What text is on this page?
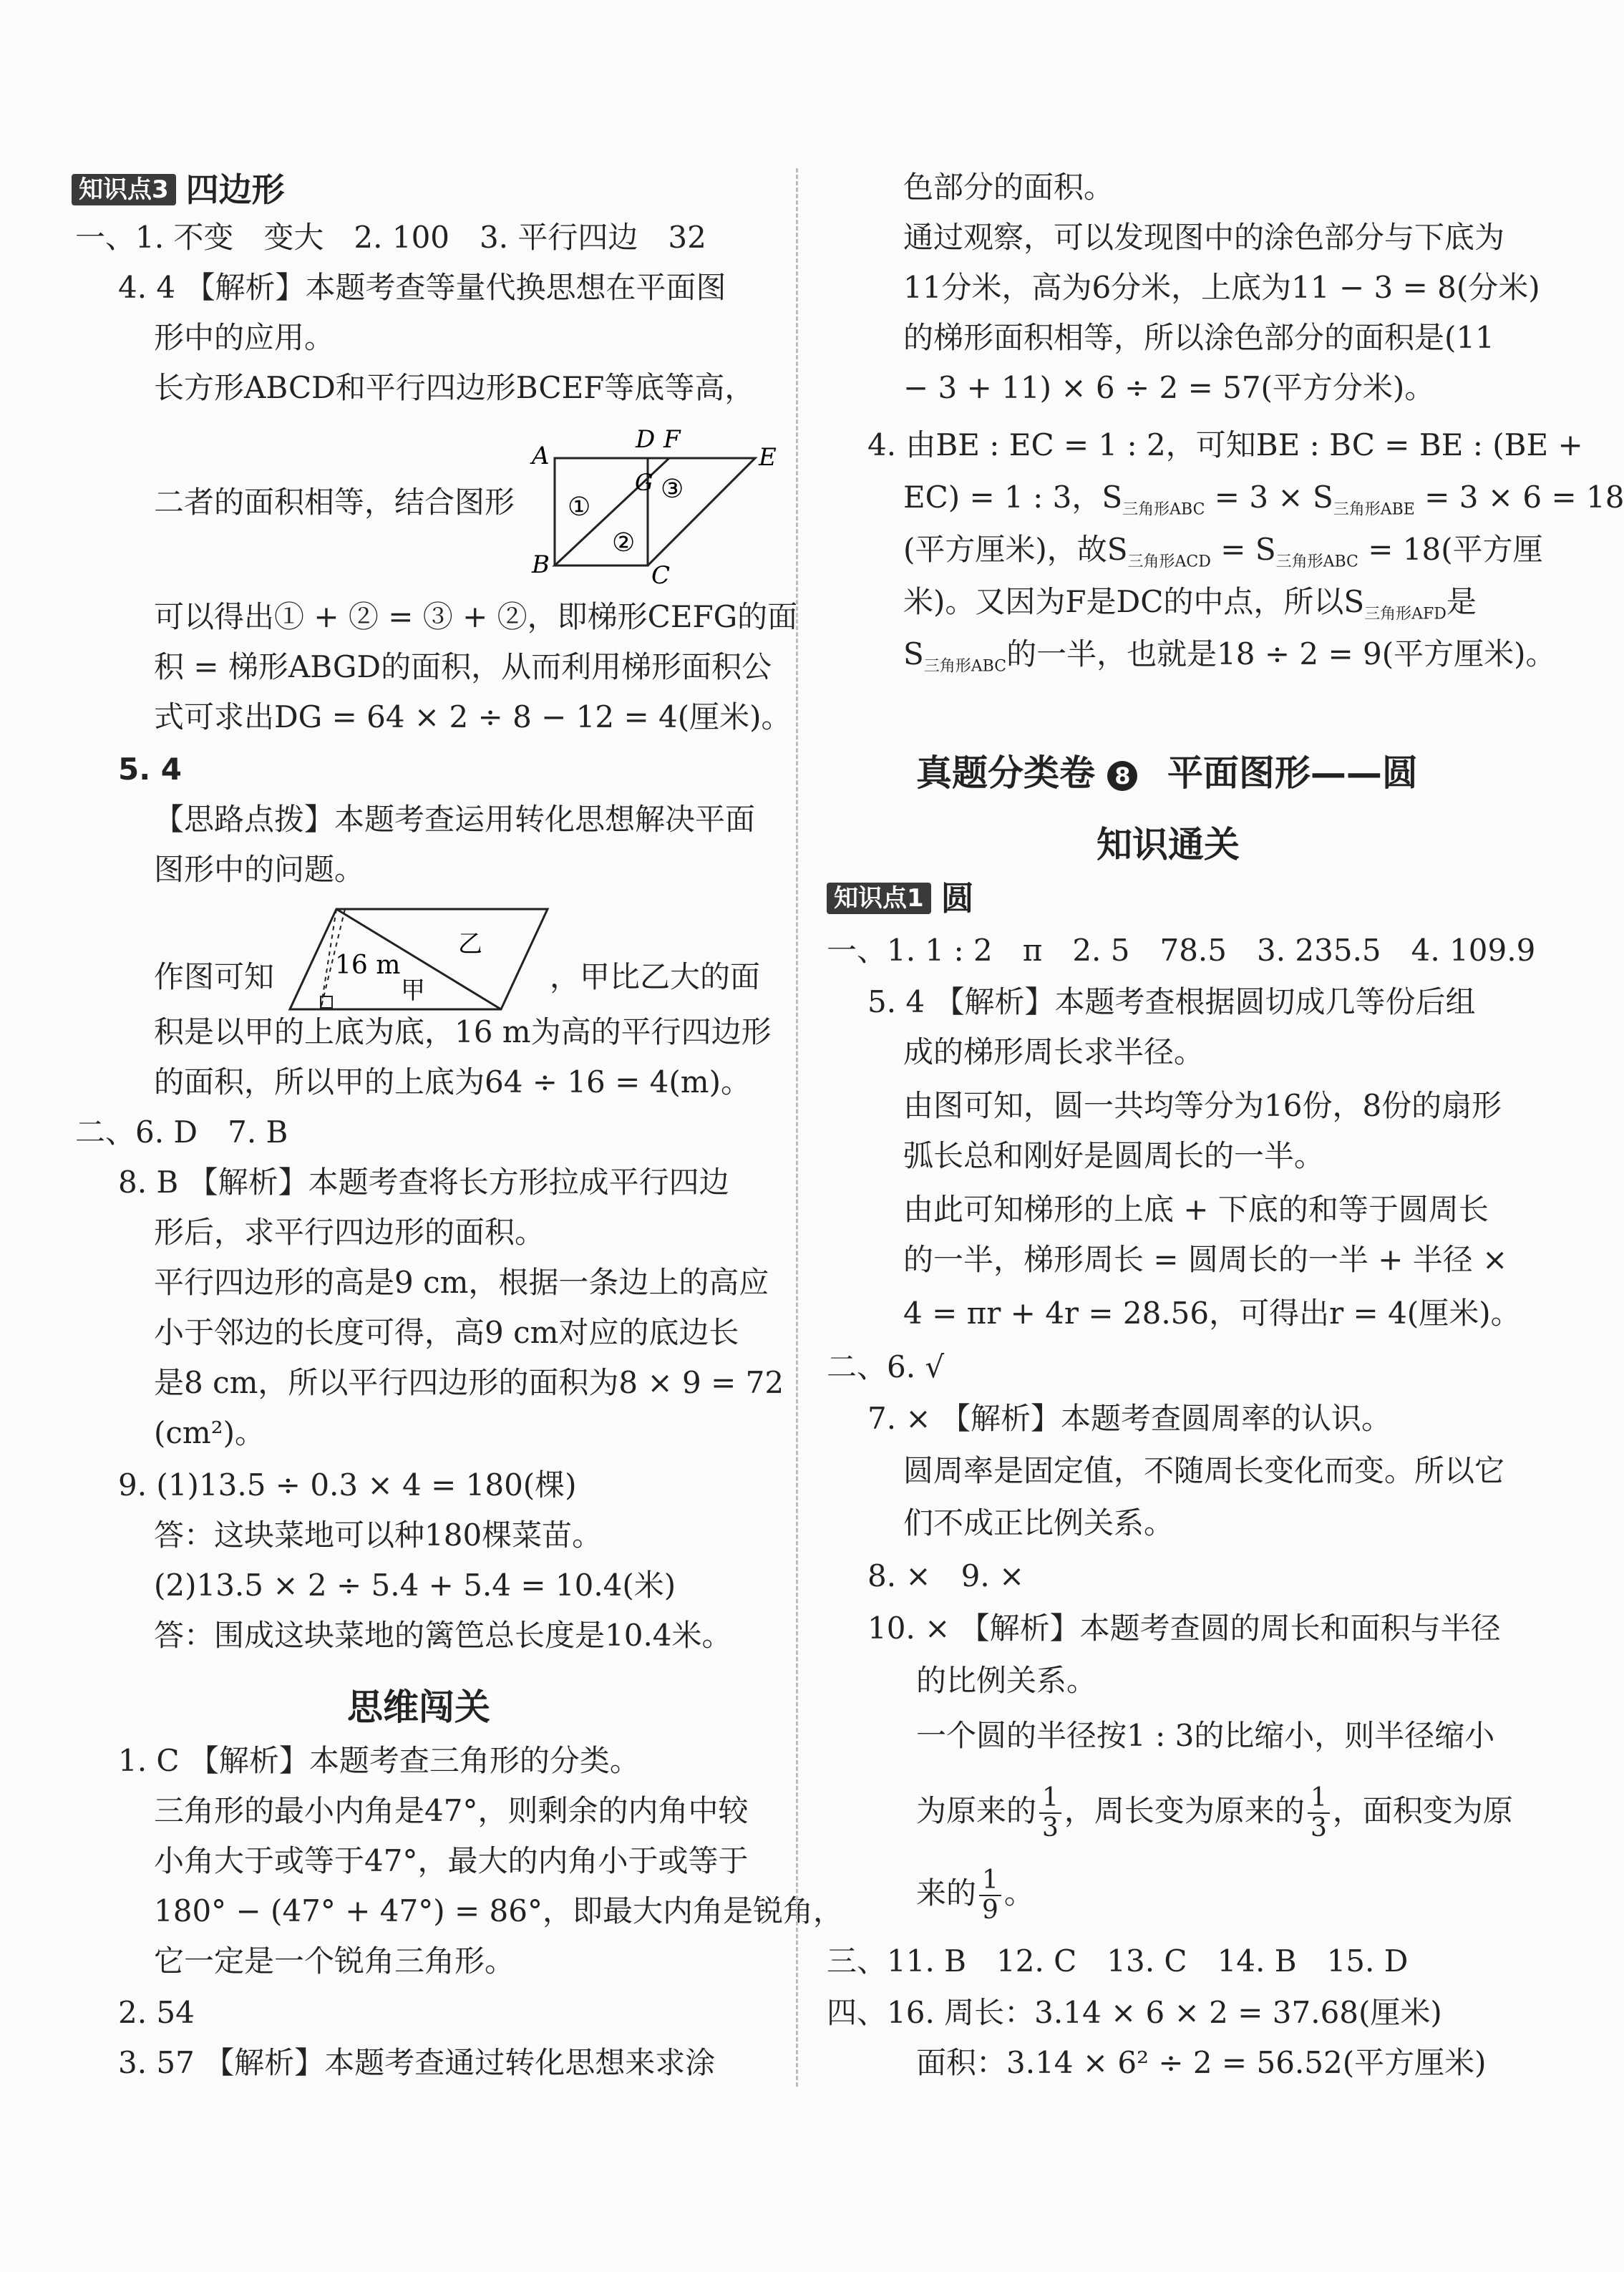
知识点3 四边形
一、1. 不变　变大　2. 100　3. 平行四边　32
4. 4 【解析】本题考查等量代换思想在平面图
形中的应用。
长方形ABCD和平行四边形BCEF等底等高，
二者的面积相等，结合图形
A
B
D F
E
G
C
①
②
③
可以得出① + ② = ③ + ②，即梯形CEFG的面
积 = 梯形ABGD的面积，从而利用梯形面积公
式可求出DG = 64 × 2 ÷ 8 − 12 = 4(厘米)。
5. 4
【思路点拨】本题考查运用转化思想解决平面
图形中的问题。
作图可知 16 m
乙
甲	，甲比乙大的面
积是以甲的上底为底，16 m为高的平行四边形
的面积，所以甲的上底为64 ÷ 16 = 4(m)。
二、6. D　7. B
8. B 【解析】本题考查将长方形拉成平行四边
形后，求平行四边形的面积。
平行四边形的高是9 cm，根据一条边上的高应
小于邻边的长度可得，高9 cm对应的底边长
是8 cm，所以平行四边形的面积为8 × 9 = 72
(cm²)。
9. (1)13.5 ÷ 0.3 × 4 = 180(棵)
答：这块菜地可以种180棵菜苗。
(2)13.5 × 2 ÷ 5.4 + 5.4 = 10.4(米)
答：围成这块菜地的篱笆总长度是10.4米。
思维闯关
1. C 【解析】本题考查三角形的分类。
三角形的最小内角是47°，则剩余的内角中较
小角大于或等于47°，最大的内角小于或等于
180° − (47° + 47°) = 86°，即最大内角是锐角，
它一定是一个锐角三角形。
2. 54
3. 57 【解析】本题考查通过转化思想来求涂
色部分的面积。
通过观察，可以发现图中的涂色部分与下底为
11分米，高为6分米，上底为11 − 3 = 8(分米)
的梯形面积相等，所以涂色部分的面积是(11
− 3 + 11) × 6 ÷ 2 = 57(平方分米)。
4. 由BE : EC = 1 : 2，可知BE : BC = BE : (BE +
EC) = 1 : 3，$S_{三角形ABC} = 3 \times S_{三角形ABE} = 3 \times 6 = 18$
(平方厘米)，故$S_{三角形ACD} = S_{三角形ABC} = 18$(平方厘
米)。又因为F是DC的中点，所以$S_{三角形AFD}$是
$S_{三角形ABC}$的一半，也就是18 ÷ 2 = 9(平方厘米)。
真题分类卷 8 平面图形——圆
知识通关
知识点1 圆
一、1. 1 : 2　π　2. 5　78.5　3. 235.5　4. 109.9
5. 4 【解析】本题考查根据圆切成几等份后组
成的梯形周长求半径。
由图可知，圆一共均等分为16份，8份的扇形
弧长总和刚好是圆周长的一半。
由此可知梯形的上底 + 下底的和等于圆周长
的一半，梯形周长 = 圆周长的一半 + 半径 ×
4 = πr + 4r = 28.56，可得出r = 4(厘米)。
二、6. √
7. × 【解析】本题考查圆周率的认识。
圆周率是固定值，不随周长变化而变。所以它
们不成正比例关系。
8. ×　9. ×
10. × 【解析】本题考查圆的周长和面积与半径
的比例关系。
一个圆的半径按1 : 3的比缩小，则半径缩小
为原来的 $\frac{1}{3}$ ，周长变为原来的 $\frac{1}{3}$ ，面积变为原
来的 $\frac{1}{9}$ 。
三、11. B　12. C　13. C　14. B　15. D
四、16. 周长：3.14 × 6 × 2 = 37.68(厘米)
面积：3.14 × 6² ÷ 2 = 56.52(平方厘米)
